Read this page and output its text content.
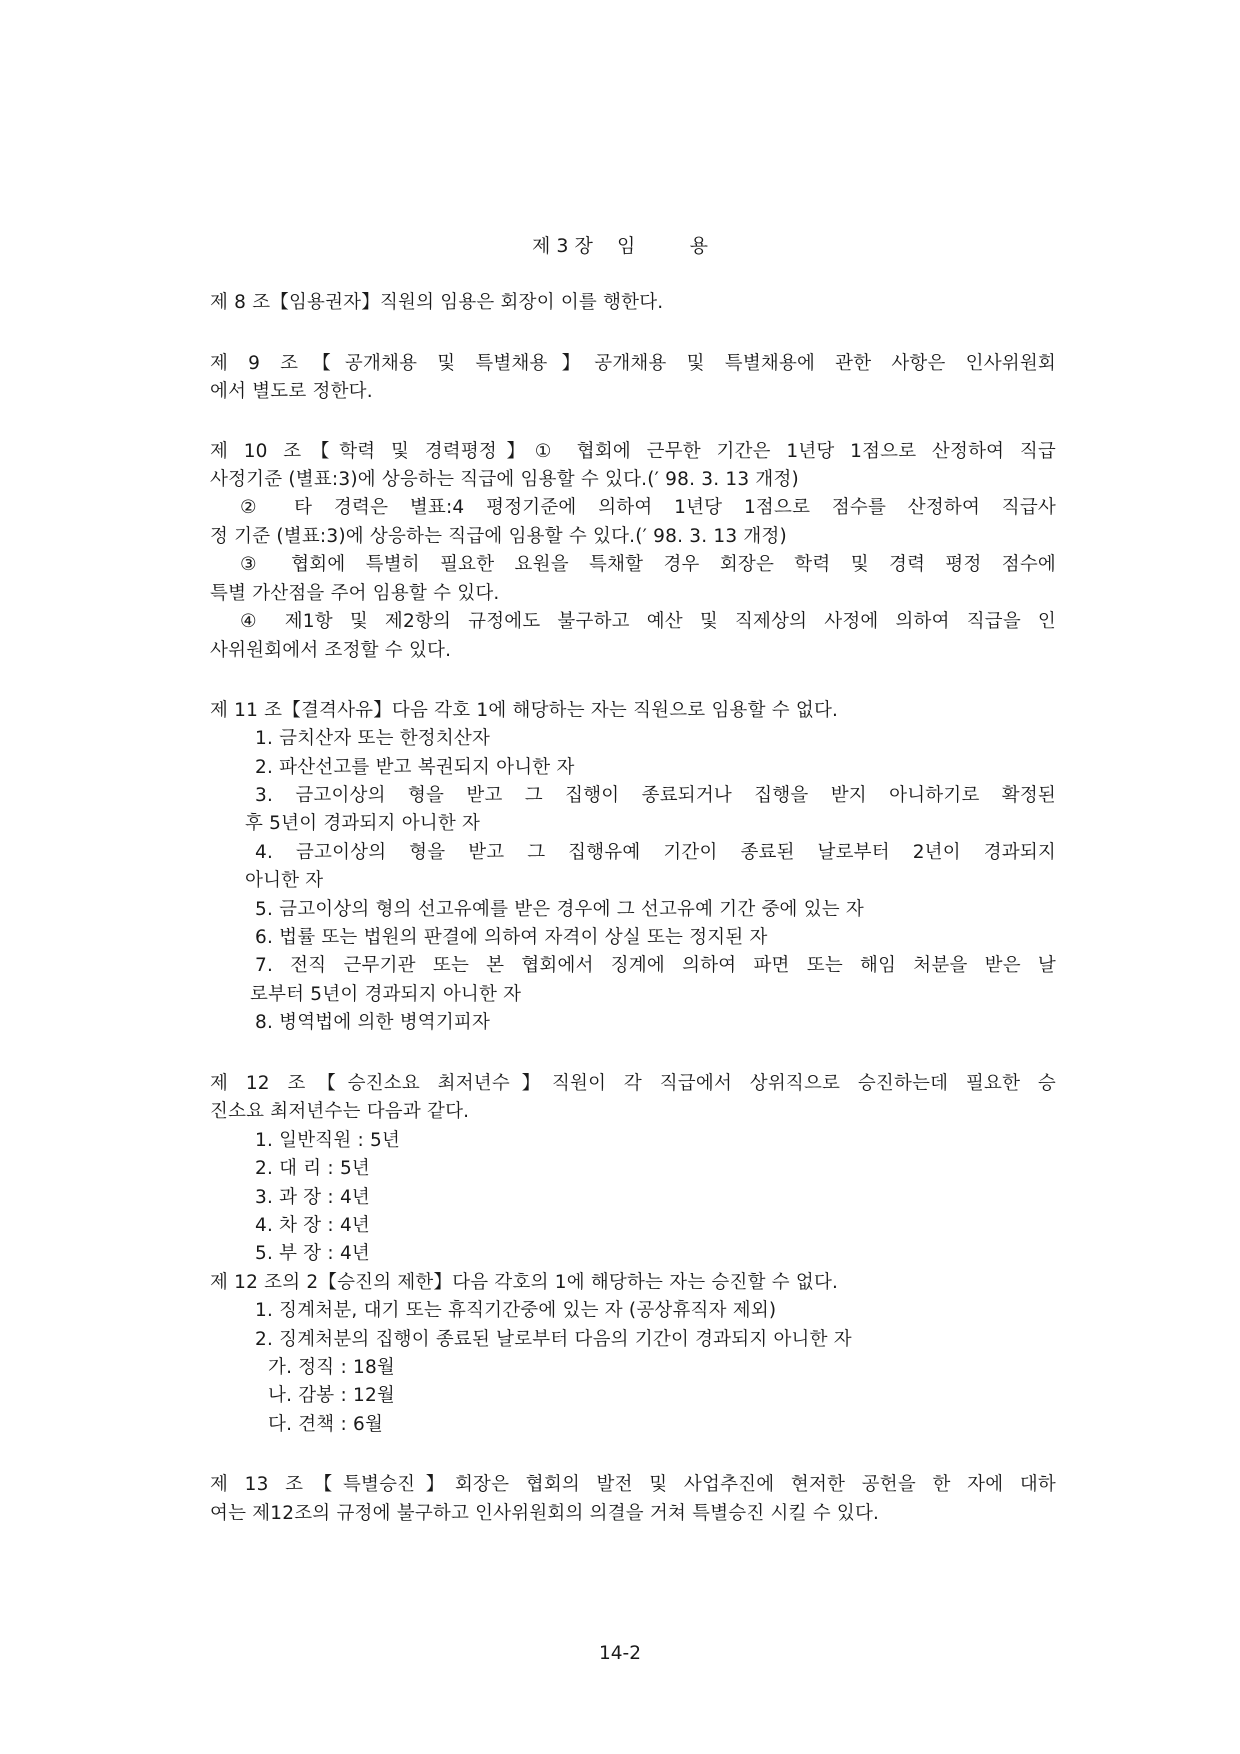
제 3 장    임         용
제 8 조【임용권자】직원의 임용은 회장이 이를 행한다.
제 9 조【공개채용 및 특별채용】공개채용 및 특별채용에 관한 사항은 인사위원회
에서 별도로 정한다.
제 10 조【학력 및 경력평정】① 협회에 근무한 기간은 1년당 1점으로 산정하여 직급
사정기준 (별표:3)에 상응하는 직급에 임용할 수 있다.(′ 98. 3. 13 개정)
② 타 경력은 별표:4 평정기준에 의하여 1년당 1점으로 점수를 산정하여 직급사
정 기준 (별표:3)에 상응하는 직급에 임용할 수 있다.(′ 98. 3. 13 개정)
③ 협회에 특별히 필요한 요원을 특채할 경우 회장은 학력 및 경력 평정 점수에
특별 가산점을 주어 임용할 수 있다.
④ 제1항 및 제2항의 규정에도 불구하고 예산 및 직제상의 사정에 의하여 직급을 인
사위원회에서 조정할 수 있다.
제 11 조【결격사유】다음 각호 1에 해당하는 자는 직원으로 임용할 수 없다.
1. 금치산자 또는 한정치산자
2. 파산선고를 받고 복권되지 아니한 자
3. 금고이상의 형을 받고 그 집행이 종료되거나 집행을 받지 아니하기로 확정된
후 5년이 경과되지 아니한 자
4. 금고이상의 형을 받고 그 집행유예 기간이 종료된 날로부터 2년이 경과되지
아니한 자
5. 금고이상의 형의 선고유예를 받은 경우에 그 선고유예 기간 중에 있는 자
6. 법률 또는 법원의 판결에 의하여 자격이 상실 또는 정지된 자
7. 전직 근무기관 또는 본 협회에서 징계에 의하여 파면 또는 해임 처분을 받은 날
로부터 5년이 경과되지 아니한 자
8. 병역법에 의한 병역기피자
제 12 조【승진소요 최저년수】직원이 각 직급에서 상위직으로 승진하는데 필요한 승
진소요 최저년수는 다음과 같다.
1. 일반직원 : 5년
2. 대 리 : 5년
3. 과 장 : 4년
4. 차 장 : 4년
5. 부 장 : 4년
제 12 조의 2【승진의 제한】다음 각호의 1에 해당하는 자는 승진할 수 없다.
1. 징계처분, 대기 또는 휴직기간중에 있는 자 (공상휴직자 제외)
2. 징계처분의 집행이 종료된 날로부터 다음의 기간이 경과되지 아니한 자
가. 정직 : 18월
나. 감봉 : 12월
다. 견책 : 6월
제 13 조【특별승진】회장은 협회의 발전 및 사업추진에 현저한 공헌을 한 자에 대하
여는 제12조의 규정에 불구하고 인사위원회의 의결을 거쳐 특별승진 시킬 수 있다.
14-2
